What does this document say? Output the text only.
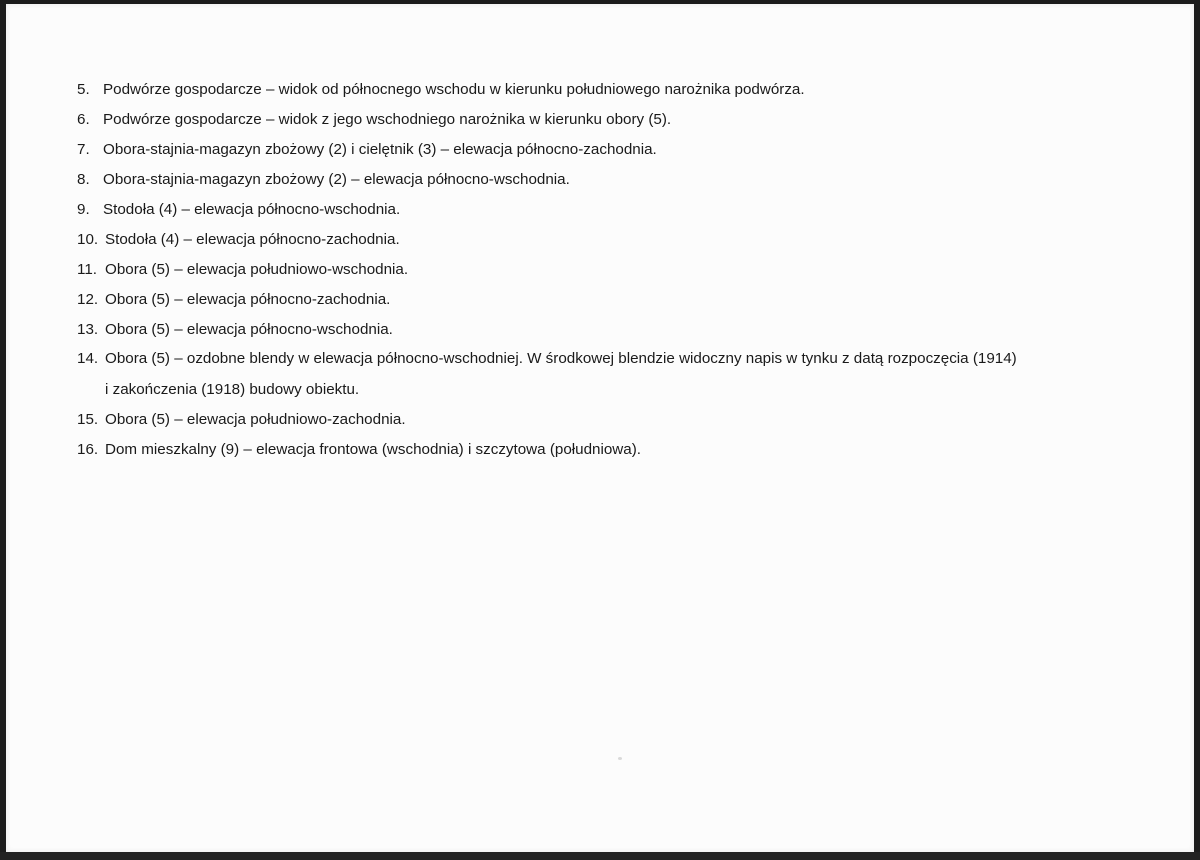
5. Podwórze gospodarcze – widok od północnego wschodu w kierunku południowego narożnika podwórza.
6. Podwórze gospodarcze – widok z jego wschodniego narożnika w kierunku obory (5).
7. Obora-stajnia-magazyn zbożowy (2) i cielętnik (3) – elewacja północno-zachodnia.
8. Obora-stajnia-magazyn zbożowy (2) – elewacja północno-wschodnia.
9. Stodoła (4) – elewacja północno-wschodnia.
10. Stodoła (4) – elewacja północno-zachodnia.
11. Obora (5) – elewacja południowo-wschodnia.
12. Obora (5) – elewacja północno-zachodnia.
13. Obora (5) – elewacja północno-wschodnia.
14. Obora (5) – ozdobne blendy w elewacja północno-wschodniej. W środkowej blendzie widoczny napis w tynku z datą rozpoczęcia (1914)
i zakończenia (1918) budowy obiektu.
15. Obora (5) – elewacja południowo-zachodnia.
16. Dom mieszkalny (9) – elewacja frontowa (wschodnia) i szczytowa (południowa).
